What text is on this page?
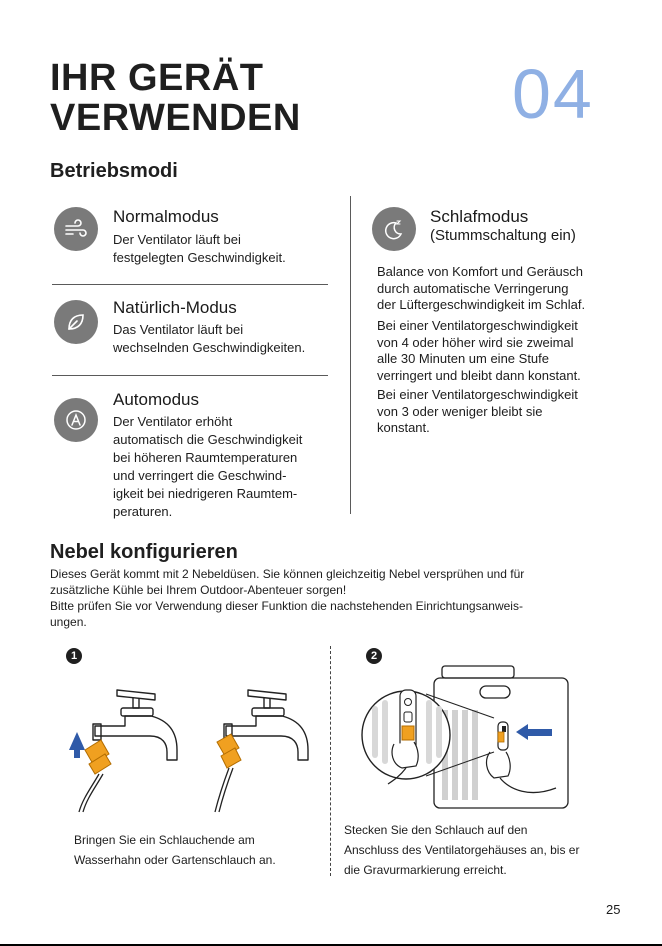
IHR GERÄT
VERWENDEN	04
Betriebsmodi
Normalmodus
Der Ventilator läuft bei
festgelegten Geschwindigkeit.
Natürlich-Modus
Das Ventilator läuft bei
wechselnden Geschwindigkeiten.
Automodus
Der Ventilator erhöht
automatisch die Geschwindigkeit
bei höheren Raumtemperaturen
und verringert die Geschwind-
igkeit bei niedrigeren Raumtem-
peraturen.
Schlafmodus
(Stummschaltung ein)
Balance von Komfort und Geräusch
durch automatische Verringerung
der Lüftergeschwindigkeit im Schlaf.
Bei einer Ventilatorgeschwindigkeit
von 4 oder höher wird sie zweimal
alle 30 Minuten um eine Stufe
verringert und bleibt dann konstant.
Bei einer Ventilatorgeschwindigkeit
von 3 oder weniger bleibt sie
konstant.
Nebel konfigurieren
Dieses Gerät kommt mit 2 Nebeldüsen. Sie können gleichzeitig Nebel versprühen und für
zusätzliche Kühle bei Ihrem Outdoor-Abenteuer sorgen!
Bitte prüfen Sie vor Verwendung dieser Funktion die nachstehenden Einrichtungsanweis-
ungen.
1	2
Bringen Sie ein Schlauchende am
Wasserhahn oder Gartenschlauch an.
Stecken Sie den Schlauch auf den
Anschluss des Ventilatorgehäuses an, bis er
die Gravurmarkierung erreicht.
25
